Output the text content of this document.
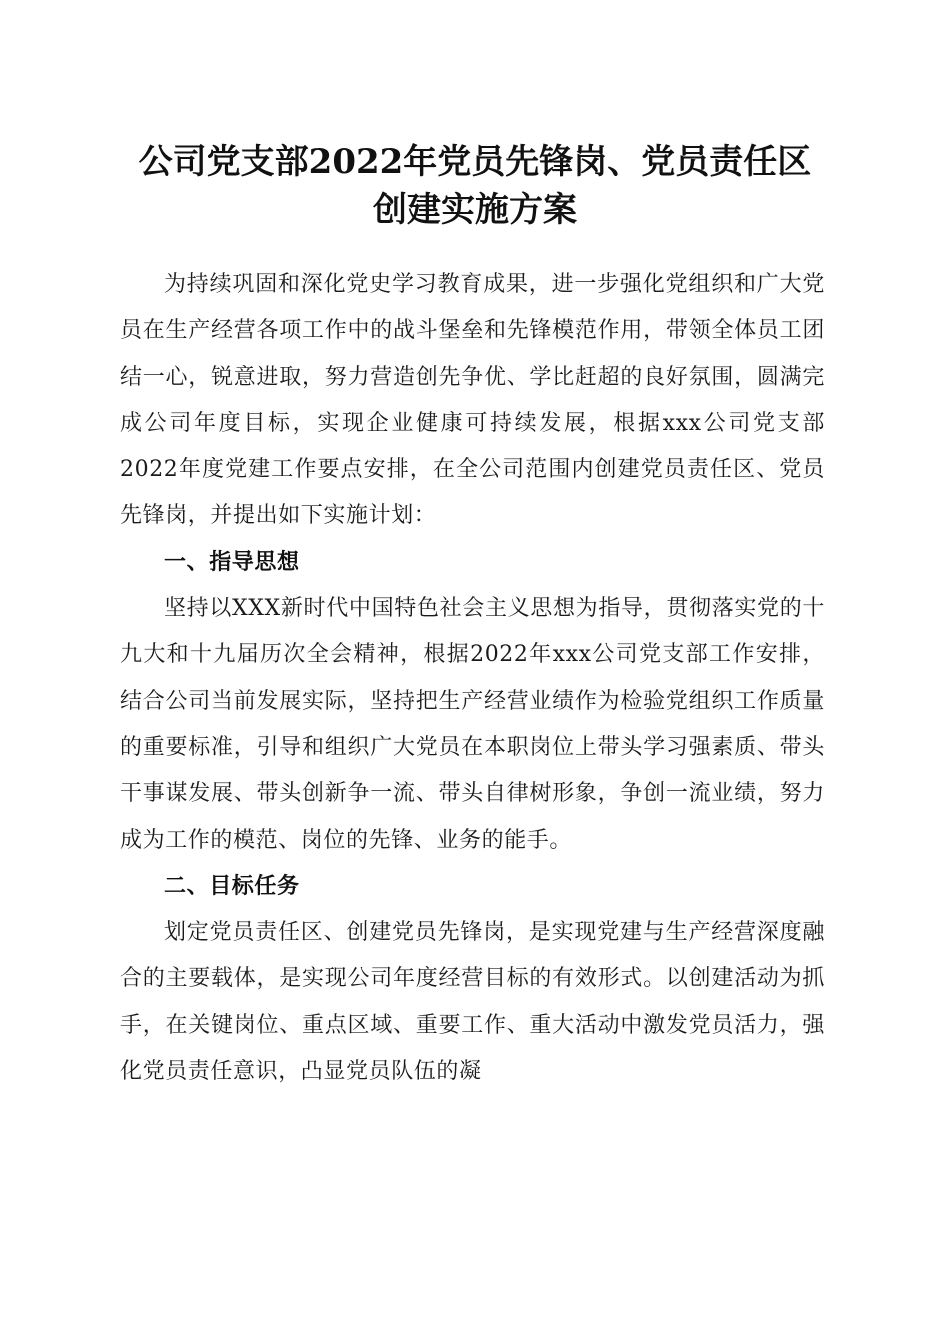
公司党支部2022年党员先锋岗、党员责任区
创建实施方案

为持续巩固和深化党史学习教育成果，进一步强化党组织和广大党员在生产经营各项工作中的战斗堡垒和先锋模范作用，带领全体员工团结一心，锐意进取，努力营造创先争优、学比赶超的良好氛围，圆满完成公司年度目标，实现企业健康可持续发展，根据xxx公司党支部2022年度党建工作要点安排，在全公司范围内创建党员责任区、党员先锋岗，并提出如下实施计划：

一、指导思想

坚持以XXX新时代中国特色社会主义思想为指导，贯彻落实党的十九大和十九届历次全会精神，根据2022年xxx公司党支部工作安排，结合公司当前发展实际，坚持把生产经营业绩作为检验党组织工作质量的重要标准，引导和组织广大党员在本职岗位上带头学习强素质、带头干事谋发展、带头创新争一流、带头自律树形象，争创一流业绩，努力成为工作的模范、岗位的先锋、业务的能手。

二、目标任务

划定党员责任区、创建党员先锋岗，是实现党建与生产经营深度融合的主要载体，是实现公司年度经营目标的有效形式。以创建活动为抓手，在关键岗位、重点区域、重要工作、重大活动中激发党员活力，强化党员责任意识，凸显党员队伍的凝
